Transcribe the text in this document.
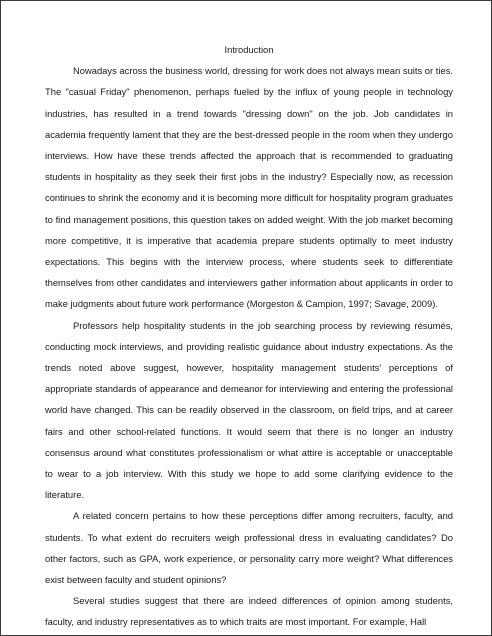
Introduction

Nowadays across the business world, dressing for work does not always mean suits or ties. The "casual Friday" phenomenon, perhaps fueled by the influx of young people in technology industries, has resulted in a trend towards "dressing down" on the job. Job candidates in academia frequently lament that they are the best-dressed people in the room when they undergo interviews. How have these trends affected the approach that is recommended to graduating students in hospitality as they seek their first jobs in the industry? Especially now, as recession continues to shrink the economy and it is becoming more difficult for hospitality program graduates to find management positions, this question takes on added weight. With the job market becoming more competitive, it is imperative that academia prepare students optimally to meet industry expectations. This begins with the interview process, where students seek to differentiate themselves from other candidates and interviewers gather information about applicants in order to make judgments about future work performance (Morgeston & Campion, 1997; Savage, 2009).

Professors help hospitality students in the job searching process by reviewing résumés, conducting mock interviews, and providing realistic guidance about industry expectations. As the trends noted above suggest, however, hospitality management students' perceptions of appropriate standards of appearance and demeanor for interviewing and entering the professional world have changed. This can be readily observed in the classroom, on field trips, and at career fairs and other school-related functions. It would seem that there is no longer an industry consensus around what constitutes professionalism or what attire is acceptable or unacceptable to wear to a job interview. With this study we hope to add some clarifying evidence to the literature.

A related concern pertains to how these perceptions differ among recruiters, faculty, and students. To what extent do recruiters weigh professional dress in evaluating candidates? Do other factors, such as GPA, work experience, or personality carry more weight? What differences exist between faculty and student opinions?

Several studies suggest that there are indeed differences of opinion among students, faculty, and industry representatives as to which traits are most important. For example, Hall
